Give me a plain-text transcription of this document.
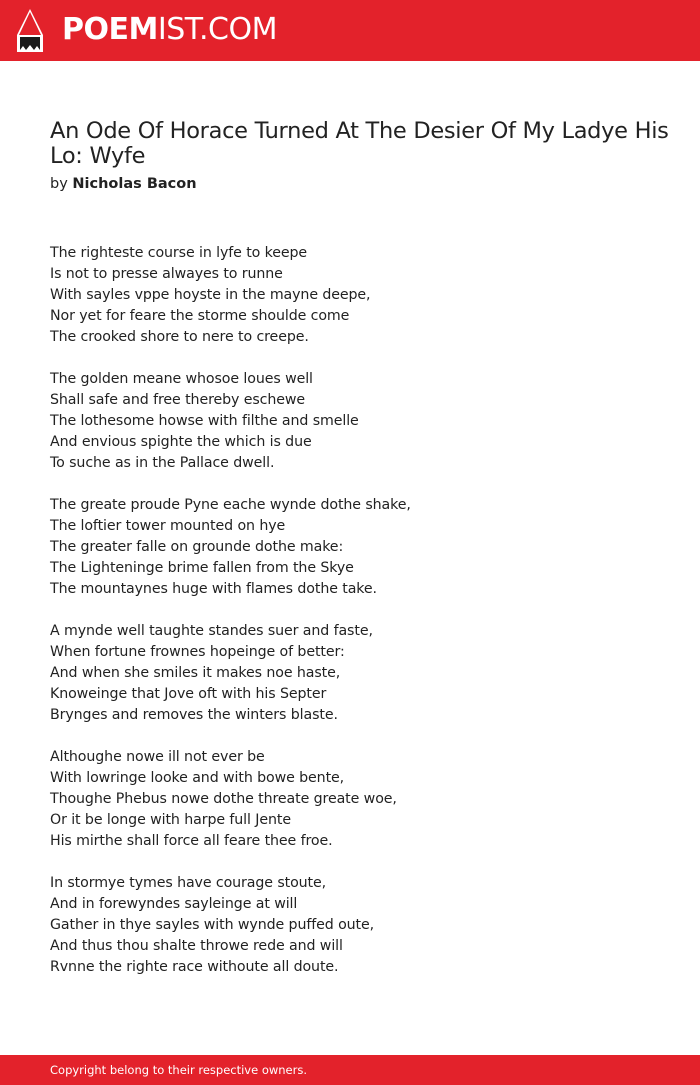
POEMIST.COM
An Ode Of Horace Turned At The Desier Of My Ladye His Lo: Wyfe
by Nicholas Bacon
The righteste course in lyfe to keepe
Is not to presse alwayes to runne
With sayles vppe hoyste in the mayne deepe,
Nor yet for feare the storme shoulde come
The crooked shore to nere to creepe.
The golden meane whosoe loues well
Shall safe and free thereby eschewe
The lothesome howse with filthe and smelle
And envious spighte the which is due
To suche as in the Pallace dwell.
The greate proude Pyne eache wynde dothe shake,
The loftier tower mounted on hye
The greater falle on grounde dothe make:
The Lighteninge brime fallen from the Skye
The mountaynes huge with flames dothe take.
A mynde well taughte standes suer and faste,
When fortune frownes hopeinge of better:
And when she smiles it makes noe haste,
Knoweinge that Jove oft with his Septer
Brynges and removes the winters blaste.
Althoughe nowe ill not ever be
With lowringe looke and with bowe bente,
Thoughe Phebus nowe dothe threate greate woe,
Or it be longe with harpe full Jente
His mirthe shall force all feare thee froe.
In stormye tymes have courage stoute,
And in forewyndes sayleinge at will
Gather in thye sayles with wynde puffed oute,
And thus thou shalte throwe rede and will
Rvnne the righte race withoute all doute.
Copyright belong to their respective owners.
